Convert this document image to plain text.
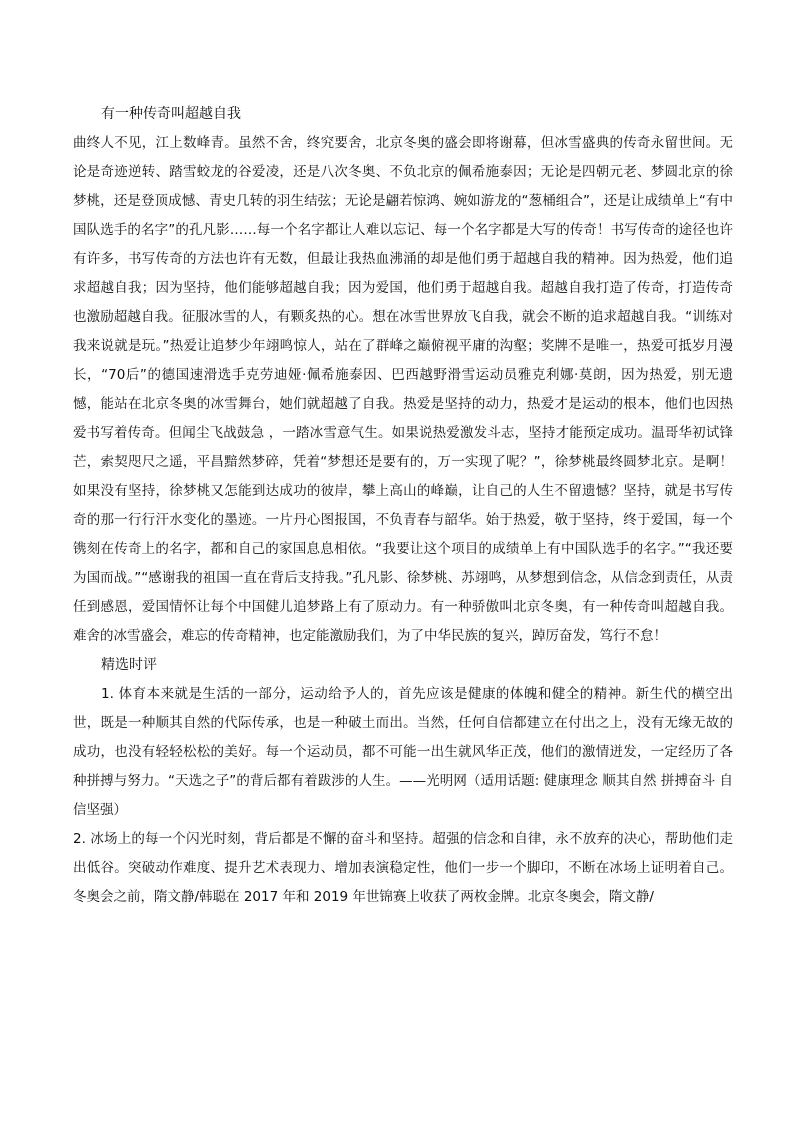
有一种传奇叫超越自我

曲终人不见，江上数峰青。虽然不舍，终究要舍，北京冬奥的盛会即将谢幕，但冰雪盛典的传奇永留世间。无论是奇迹逆转、踏雪蛟龙的谷爱凌，还是八次冬奥、不负北京的佩希施泰因；无论是四朝元老、梦圆北京的徐梦桃，还是登顶成憾、青史几转的羽生结弦；无论是翩若惊鸿、婉如游龙的“葱桶组合”，还是让成绩单上“有中国队选手的名字”的孔凡影……每一个名字都让人难以忘记、每一个名字都是大写的传奇！书写传奇的途径也许有许多，书写传奇的方法也许有无数，但最让我热血沸涌的却是他们勇于超越自我的精神。因为热爱，他们追求超越自我；因为坚持，他们能够超越自我；因为爱国，他们勇于超越自我。超越自我打造了传奇，打造传奇也激励超越自我。征服冰雪的人，有颗炙热的心。想在冰雪世界放飞自我，就会不断的追求超越自我。“训练对我来说就是玩。”热爱让追梦少年翊鸣惊人，站在了群峰之巅俯视平庸的沟壑；奖牌不是唯一，热爱可抵岁月漫长，“70后”的德国速滑选手克劳迪娅·佩希施泰因、巴西越野滑雪运动员雅克利娜·莫朗，因为热爱，别无遗憾，能站在北京冬奥的冰雪舞台，她们就超越了自我。热爱是坚持的动力，热爱才是运动的根本，他们也因热爱书写着传奇。但闻尘飞战鼓急 ，一踏冰雪意气生。如果说热爱激发斗志，坚持才能预定成功。温哥华初试锋芒，索契咫尺之遥，平昌黯然梦碎，凭着“梦想还是要有的，万一实现了呢？”，徐梦桃最终圆梦北京。是啊！如果没有坚持，徐梦桃又怎能到达成功的彼岸，攀上高山的峰巅，让自己的人生不留遗憾？坚持，就是书写传奇的那一行行汗水变化的墨迹。一片丹心图报国，不负青春与韶华。始于热爱，敬于坚持，终于爱国，每一个镌刻在传奇上的名字，都和自己的家国息息相依。“我要让这个项目的成绩单上有中国队选手的名字。”“我还要为国而战。”“感谢我的祖国一直在背后支持我。”孔凡影、徐梦桃、苏翊鸣，从梦想到信念，从信念到责任，从责任到感恩，爱国情怀让每个中国健儿追梦路上有了原动力。有一种骄傲叫北京冬奥，有一种传奇叫超越自我。难舍的冰雪盛会，难忘的传奇精神，也定能激励我们，为了中华民族的复兴，踔厉奋发，笃行不怠！

精选时评

1. 体育本来就是生活的一部分，运动给予人的，首先应该是健康的体魄和健全的精神。新生代的横空出世，既是一种顺其自然的代际传承，也是一种破土而出。当然，任何自信都建立在付出之上，没有无缘无故的成功，也没有轻轻松松的美好。每一个运动员，都不可能一出生就风华正茂，他们的激情迸发，一定经历了各种拼搏与努力。“天选之子”的背后都有着跋涉的人生。——光明网（适用话题: 健康理念 顺其自然 拼搏奋斗 自信坚强）

2. 冰场上的每一个闪光时刻，背后都是不懈的奋斗和坚持。超强的信念和自律，永不放弃的决心，帮助他们走出低谷。突破动作难度、提升艺术表现力、增加表演稳定性，他们一步一个脚印，不断在冰场上证明着自己。冬奥会之前，隋文静/韩聪在 2017 年和 2019 年世锦赛上收获了两枚金牌。北京冬奥会，隋文静/
